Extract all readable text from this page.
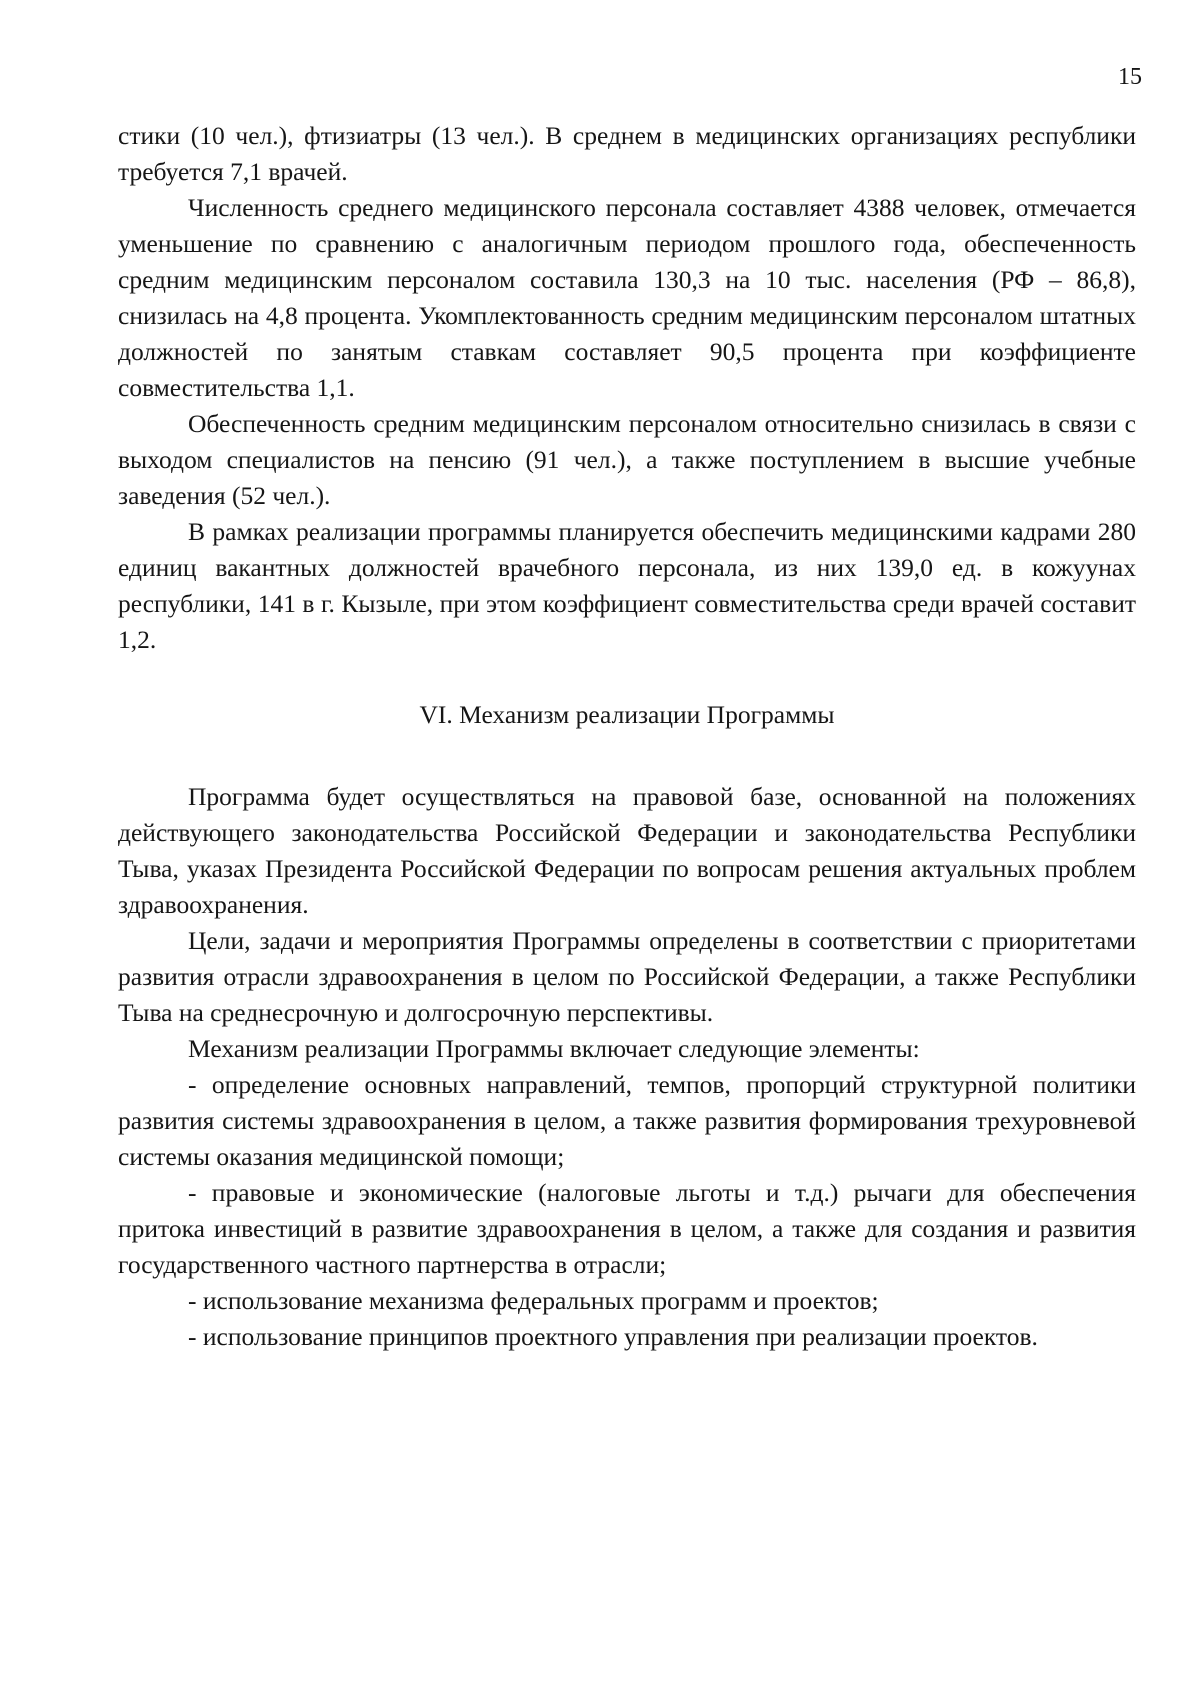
15

стики (10 чел.), фтизиатры (13 чел.). В среднем в медицинских организациях республики требуется 7,1 врачей.

Численность среднего медицинского персонала составляет 4388 человек, отмечается уменьшение по сравнению с аналогичным периодом прошлого года, обеспеченность средним медицинским персоналом составила 130,3 на 10 тыс. населения (РФ – 86,8), снизилась на 4,8 процента. Укомплектованность средним медицинским персоналом штатных должностей по занятым ставкам составляет 90,5 процента при коэффициенте совместительства 1,1.

Обеспеченность средним медицинским персоналом относительно снизилась в связи с выходом специалистов на пенсию (91 чел.), а также поступлением в высшие учебные заведения (52 чел.).

В рамках реализации программы планируется обеспечить медицинскими кадрами 280 единиц вакантных должностей врачебного персонала, из них 139,0 ед. в кожуунах республики, 141 в г. Кызыле, при этом коэффициент совместительства среди врачей составит 1,2.

VI. Механизм реализации Программы

Программа будет осуществляться на правовой базе, основанной на положениях действующего законодательства Российской Федерации и законодательства Республики Тыва, указах Президента Российской Федерации по вопросам решения актуальных проблем здравоохранения.

Цели, задачи и мероприятия Программы определены в соответствии с приоритетами развития отрасли здравоохранения в целом по Российской Федерации, а также Республики Тыва на среднесрочную и долгосрочную перспективы.

Механизм реализации Программы включает следующие элементы:

- определение основных направлений, темпов, пропорций структурной политики развития системы здравоохранения в целом, а также развития формирования трехуровневой системы оказания медицинской помощи;

- правовые и экономические (налоговые льготы и т.д.) рычаги для обеспечения притока инвестиций в развитие здравоохранения в целом, а также для создания и развития государственного частного партнерства в отрасли;

- использование механизма федеральных программ и проектов;

- использование принципов проектного управления при реализации проектов.
